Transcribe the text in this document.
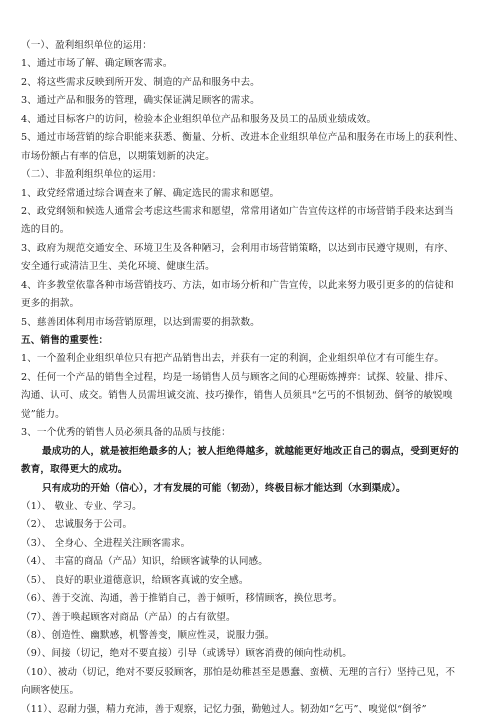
（一）、盈利组织单位的运用：
1、通过市场了解、确定顾客需求。
2、将这些需求反映到所开发、制造的产品和服务中去。
3、通过产品和服务的管理，确实保证满足顾客的需求。
4、通过目标客户的访问，检验本企业组织单位产品和服务及员工的品质业绩成效。
5、通过市场营销的综合职能来获悉、衡量、分析、改进本企业组织单位产品和服务在市场上的获利性、
市场份额占有率的信息，以期策划新的决定。
（二）、非盈利组织单位的运用：
1、政党经常通过综合调查来了解、确定选民的需求和愿望。
2、政党纲领和候选人通常会考虑这些需求和愿望，常常用诸如广告宣传这样的市场营销手段来达到当
选的目的。
3、政府为规范交通安全、环境卫生及各种陋习，会利用市场营销策略，以达到市民遵守规则，有序、
安全通行或清洁卫生、美化环境、健康生活。
4、许多教堂依靠各种市场营销技巧、方法，如市场分析和广告宣传，以此来努力吸引更多的的信徒和
更多的捐款。
5、慈善团体利用市场营销原理，以达到需要的捐款数。
五、销售的重要性：
1、一个盈利企业组织单位只有把产品销售出去，并获有一定的利润，企业组织单位才有可能生存。
2、任何一个产品的销售全过程，均是一场销售人员与顾客之间的心理砺炼搏弈：试探、较量、排斥、
沟通、认可、成交。销售人员需坦诚交流、技巧操作，销售人员须具“乞丐的不惧韧劲、倒爷的敏锐嗅
觉”能力。
3、一个优秀的销售人员必须具备的品质与技能：
最成功的人，就是被拒绝最多的人；被人拒绝得越多，就越能更好地改正自己的弱点，受到更好的
教育，取得更大的成功。
只有成功的开始（信心），才有发展的可能（韧劲），终极目标才能达到（水到渠成）。
（1）、 敬业、专业、学习。
（2）、 忠诚服务于公司。
（3）、 全身心、全进程关注顾客需求。
（4）、 丰富的商品（产品）知识，给顾客诚挚的认同感。
（5）、 良好的职业道德意识，给顾客真诚的安全感。
（6）、善于交流、沟通，善于推销自己，善于倾听，移情顾客，换位思考。
（7）、善于唤起顾客对商品（产品）的占有欲望。
（8）、创造性、幽默感，机警善变，顺应性灵，说服力强。
（9）、间接（切记，绝对不要直接）引导（或诱导）顾客消费的倾向性动机。
（10）、被动（切记，绝对不要反驳顾客，那怕是幼稚甚至是愚蠢、蛮横、无理的言行）坚持己见，不
向顾客使压。
（11）、忍耐力强，精力充沛，善于观察，记忆力强，勤勉过人。韧劲如“乞丐”、嗅觉似“倒爷”
